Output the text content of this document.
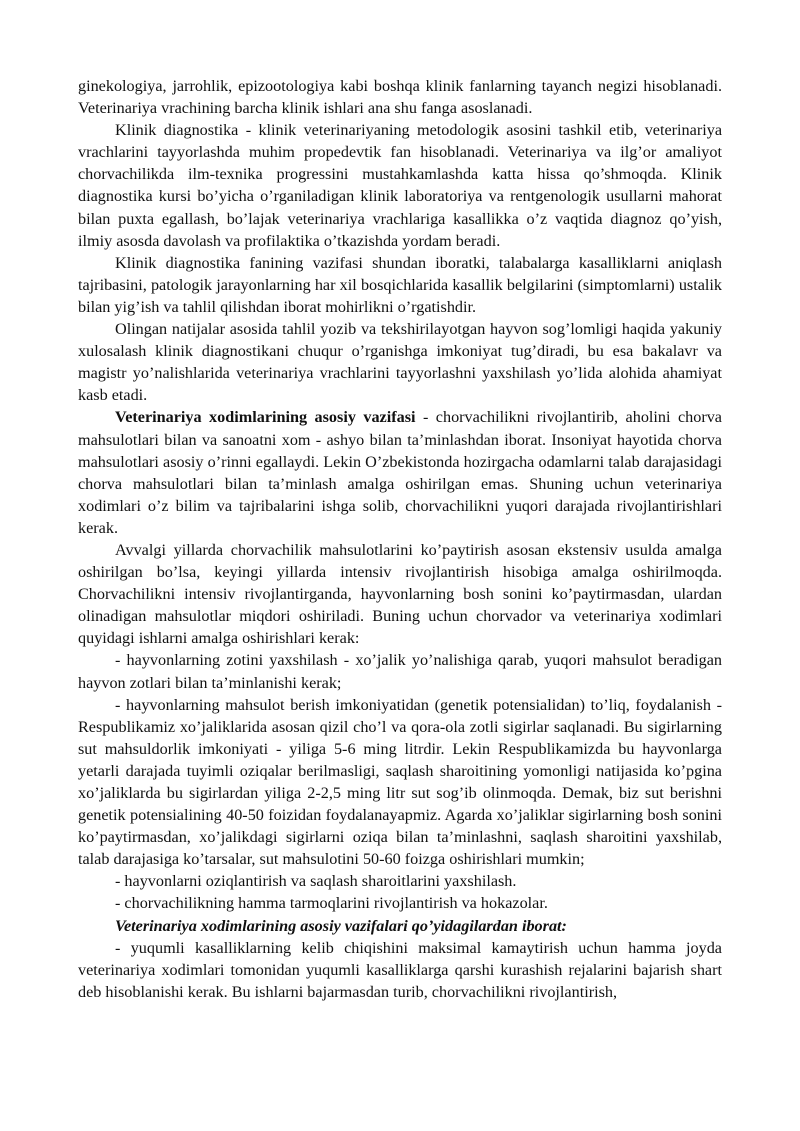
ginekologiya, jarrohlik, epizootologiya kabi boshqa klinik fanlarning tayanch negizi hisoblanadi. Veterinariya vrachining barcha klinik ishlari ana shu fanga asoslanadi.

Klinik diagnostika - klinik veterinariyaning metodologik asosini tashkil etib, veterinariya vrachlarini tayyorlashda muhim propedevtik fan hisoblanadi. Veterinariya va ilg’or amaliyot chorvachilikda ilm-texnika progressini mustahkamlashda katta hissa qo’shmoqda. Klinik diagnostika kursi bo’yicha o’rganiladigan klinik laboratoriya va rentgenologik usullarni mahorat bilan puxta egallash, bo’lajak veterinariya vrachlariga kasallikka o’z vaqtida diagnoz qo’yish, ilmiy asosda davolash va profilaktika o’tkazishda yordam beradi.

Klinik diagnostika fanining vazifasi shundan iboratki, talabalarga kasalliklarni aniqlash tajribasini, patologik jarayonlarning har xil bosqichlarida kasallik belgilarini (simptomlarni) ustalik bilan yig’ish va tahlil qilishdan iborat mohirlikni o’rgatishdir.

Olingan natijalar asosida tahlil yozib va tekshirilayotgan hayvon sog’lomligi haqida yakuniy xulosalash klinik diagnostikani chuqur o’rganishga imkoniyat tug’diradi, bu esa bakalavr va magistr yo’nalishlarida veterinariya vrachlarini tayyorlashni yaxshilash yo’lida alohida ahamiyat kasb etadi.

Veterinariya xodimlarining asosiy vazifasi - chorvachilikni rivojlantirib, aholini chorva mahsulotlari bilan va sanoatni xom - ashyo bilan ta’minlashdan iborat. Insoniyat hayotida chorva mahsulotlari asosiy o’rinni egallaydi. Lekin O’zbekistonda hozirgacha odamlarni talab darajasidagi chorva mahsulotlari bilan ta’minlash amalga oshirilgan emas. Shuning uchun veterinariya xodimlari o’z bilim va tajribalarini ishga solib, chorvachilikni yuqori darajada rivojlantirishlari kerak.

Avvalgi yillarda chorvachilik mahsulotlarini ko’paytirish asosan ekstensiv usulda amalga oshirilgan bo’lsa, keyingi yillarda intensiv rivojlantirish hisobiga amalga oshirilmoqda. Chorvachilikni intensiv rivojlantirganda, hayvonlarning bosh sonini ko’paytirmasdan, ulardan olinadigan mahsulotlar miqdori oshiriladi. Buning uchun chorvador va veterinariya xodimlari quyidagi ishlarni amalga oshirishlari kerak:

- hayvonlarning zotini yaxshilash - xo’jalik yo’nalishiga qarab, yuqori mahsulot beradigan hayvon zotlari bilan ta’minlanishi kerak;

- hayvonlarning mahsulot berish imkoniyatidan (genetik potensialidan) to’liq, foydalanish - Respublikamiz xo’jaliklarida asosan qizil cho’l va qora-ola zotli sigirlar saqlanadi. Bu sigirlarning sut mahsuldorlik imkoniyati - yiliga 5-6 ming litrdir. Lekin Respublikamizda bu hayvonlarga yetarli darajada tuyimli oziqalar berilmasligi, saqlash sharoitining yomonligi natijasida ko’pgina xo’jaliklarda bu sigirlardan yiliga 2-2,5 ming litr sut sog’ib olinmoqda. Demak, biz sut berishni genetik potensialining 40-50 foizidan foydalanayapmiz. Agarda xo’jaliklar sigirlarning bosh sonini ko’paytirmasdan, xo’jalikdagi sigirlarni oziqa bilan ta’minlashni, saqlash sharoitini yaxshilab, talab darajasiga ko’tarsalar, sut mahsulotini 50-60 foizga oshirishlari mumkin;

- hayvonlarni oziqlantirish va saqlash sharoitlarini yaxshilash.

- chorvachilikning hamma tarmoqlarini rivojlantirish va hokazolar.

Veterinariya xodimlarining asosiy vazifalari qo’yidagilardan iborat:

- yuqumli kasalliklarning kelib chiqishini maksimal kamaytirish uchun hamma joyda veterinariya xodimlari tomonidan yuqumli kasalliklarga qarshi kurashish rejalarini bajarish shart deb hisoblanishi kerak. Bu ishlarni bajarmasdan turib, chorvachilikni rivojlantirish,
